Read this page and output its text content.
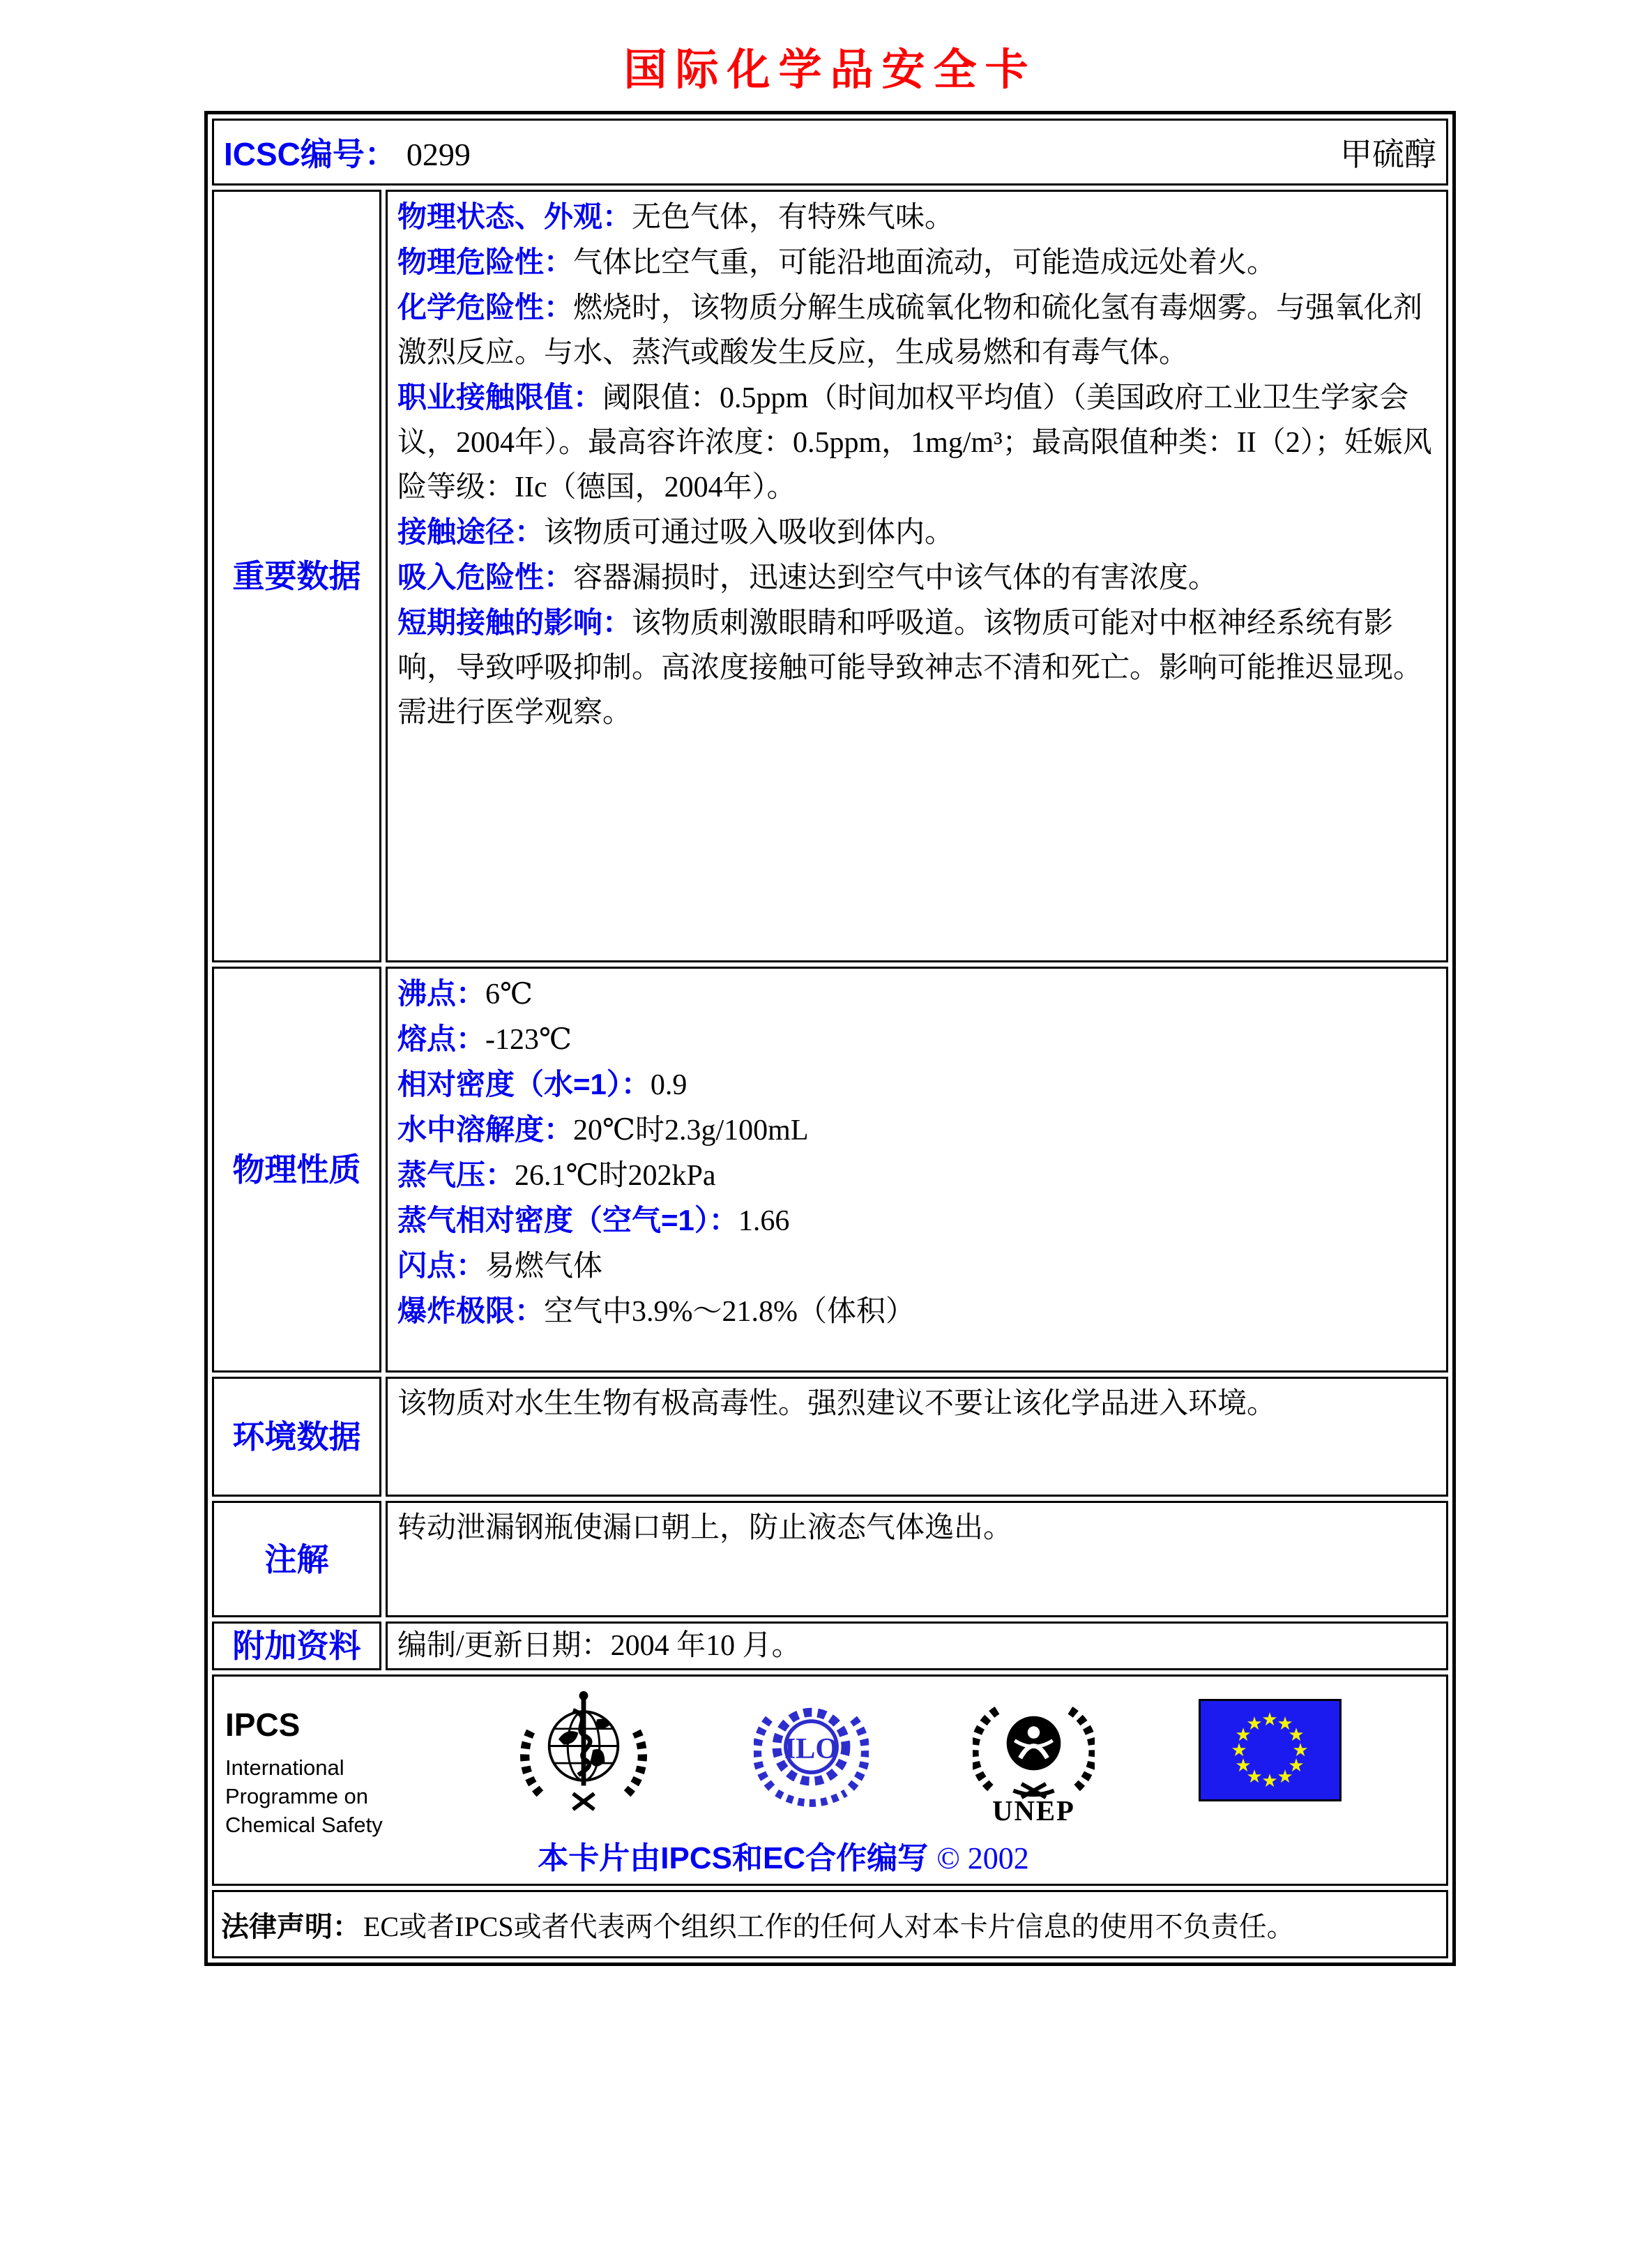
国际化学品安全卡
ICSC编号： 0299	甲硫醇
重要数据

物理状态、外观：无色气体，有特殊气味。

物理危险性：气体比空气重，可能沿地面流动，可能造成远处着火。

化学危险性：燃烧时，该物质分解生成硫氧化物和硫化氢有毒烟雾。与强氧化剂激烈反应。与水、蒸汽或酸发生反应，生成易燃和有毒气体。

职业接触限值：阈限值：0.5ppm（时间加权平均值）（美国政府工业卫生学家会议，2004年）。最高容许浓度：0.5ppm，1mg/m³；最高限值种类：II（2）；妊娠风险等级：IIc（德国，2004年）。

接触途径：该物质可通过吸入吸收到体内。

吸入危险性：容器漏损时，迅速达到空气中该气体的有害浓度。

短期接触的影响：该物质刺激眼睛和呼吸道。该物质可能对中枢神经系统有影响，导致呼吸抑制。高浓度接触可能导致神志不清和死亡。影响可能推迟显现。需进行医学观察。

物理性质

沸点：6℃

熔点：-123℃

相对密度（水=1）：0.9

水中溶解度：20℃时2.3g/100mL

蒸气压：26.1℃时202kPa

蒸气相对密度（空气=1）：1.66

闪点：易燃气体

爆炸极限：空气中3.9%～21.8%（体积）

环境数据

该物质对水生生物有极高毒性。强烈建议不要让该化学品进入环境。

注解

转动泄漏钢瓶使漏口朝上，防止液态气体逸出。

附加资料 编制/更新日期：2004 年10 月。

IPCS
International
Programme on
Chemical Safety
ILO
UNEP
★
★
★
★
★
★
★
★
★
★
★
★
本卡片由IPCS和EC合作编写 © 2002
法律声明： EC或者IPCS或者代表两个组织工作的任何人对本卡片信息的使用不负责任。
